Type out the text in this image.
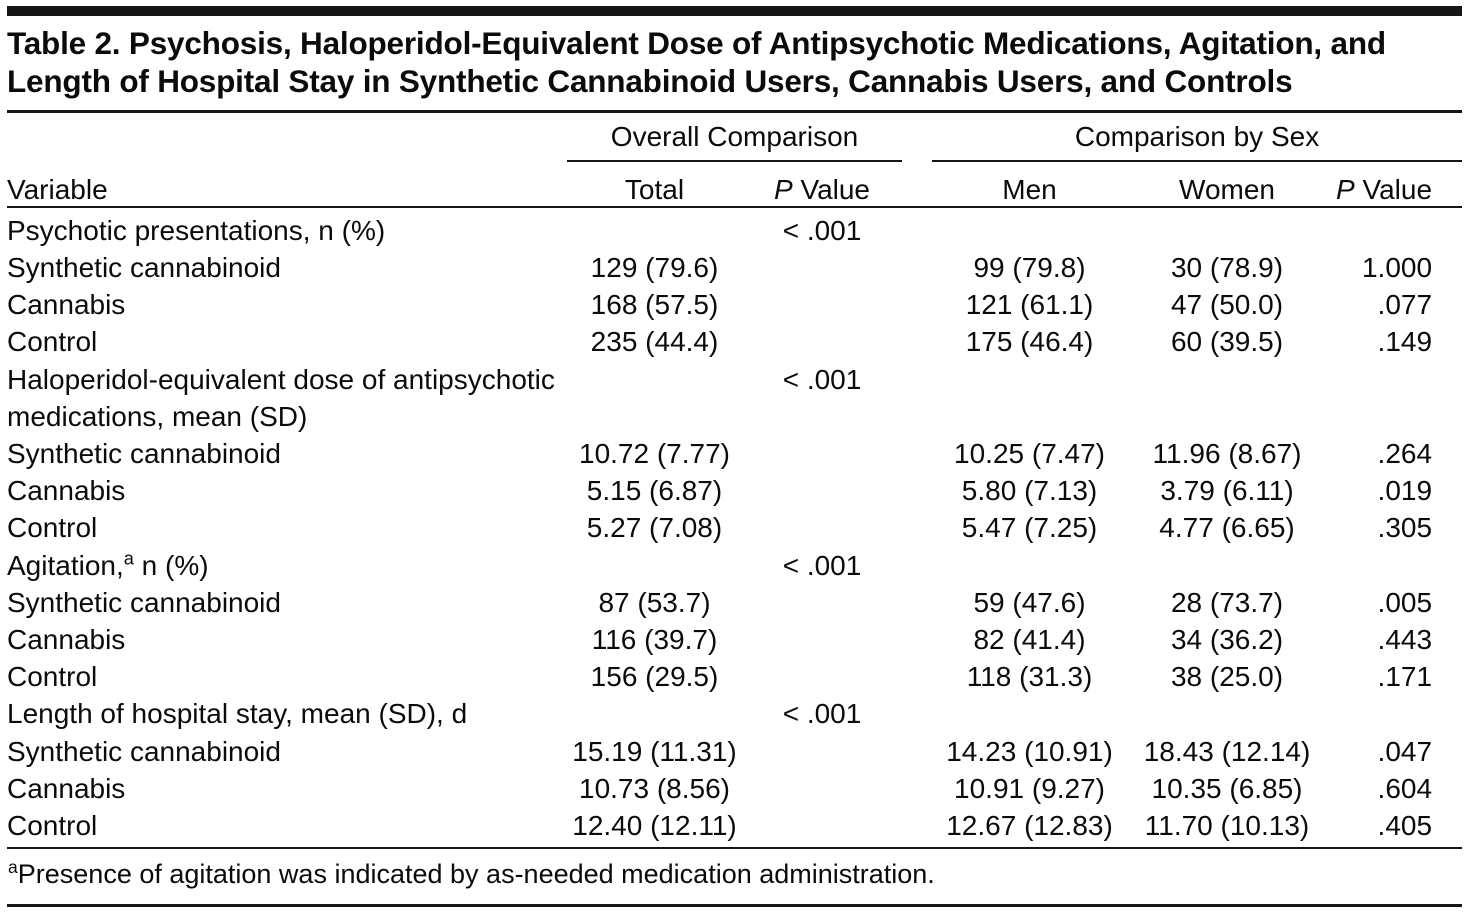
Table 2. Psychosis, Haloperidol-Equivalent Dose of Antipsychotic Medications, Agitation, and Length of Hospital Stay in Synthetic Cannabinoid Users, Cannabis Users, and Controls
	Overall Comparison			Comparison by Sex		
Variable	Total	P Value		Men	Women	P Value
Psychotic presentations, n (%)		< .001				
Synthetic cannabinoid	129 (79.6)			99 (79.8)	30 (78.9)	1.000
Cannabis	168 (57.5)			121 (61.1)	47 (50.0)	.077
Control	235 (44.4)			175 (46.4)	60 (39.5)	.149
Haloperidol-equivalent dose of antipsychotic medications, mean (SD)		< .001				
Synthetic cannabinoid	10.72 (7.77)			10.25 (7.47)	11.96 (8.67)	.264
Cannabis	5.15 (6.87)			5.80 (7.13)	3.79 (6.11)	.019
Control	5.27 (7.08)			5.47 (7.25)	4.77 (6.65)	.305
Agitation,$^a$ n (%)		< .001				
Synthetic cannabinoid	87 (53.7)			59 (47.6)	28 (73.7)	.005
Cannabis	116 (39.7)			82 (41.4)	34 (36.2)	.443
Control	156 (29.5)			118 (31.3)	38 (25.0)	.171
Length of hospital stay, mean (SD), d		< .001				
Synthetic cannabinoid	15.19 (11.31)			14.23 (10.91)	18.43 (12.14)	.047
Cannabis	10.73 (8.56)			10.91 (9.27)	10.35 (6.85)	.604
Control	12.40 (12.11)			12.67 (12.83)	11.70 (10.13)	.405
$^a$Presence of agitation was indicated by as-needed medication administration.
